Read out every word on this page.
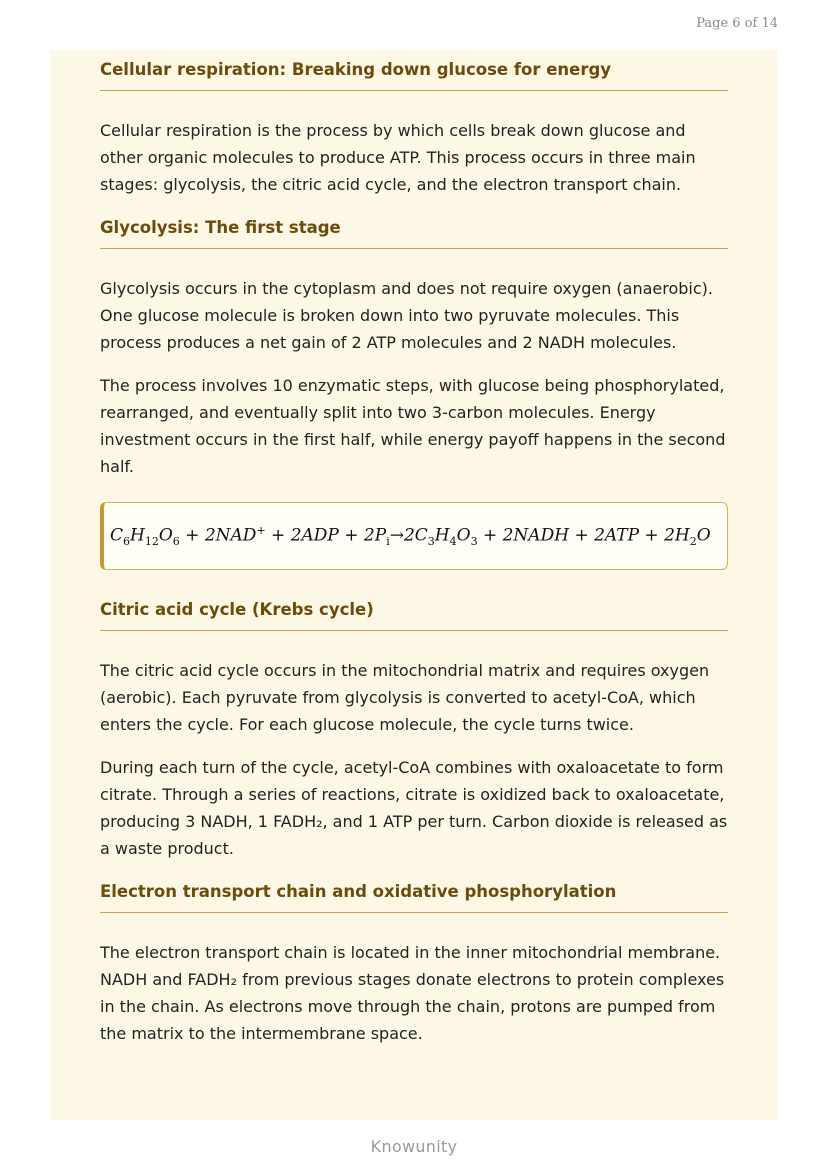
Page 6 of 14
Cellular respiration: Breaking down glucose for energy

Cellular respiration is the process by which cells break down glucose and other organic molecules to produce ATP. This process occurs in three main stages: glycolysis, the citric acid cycle, and the electron transport chain.

Glycolysis: The first stage

Glycolysis occurs in the cytoplasm and does not require oxygen (anaerobic). One glucose molecule is broken down into two pyruvate molecules. This process produces a net gain of 2 ATP molecules and 2 NADH molecules.

The process involves 10 enzymatic steps, with glucose being phosphorylated, rearranged, and eventually split into two 3-carbon molecules. Energy investment occurs in the first half, while energy payoff happens in the second half.

$C_6H_{12}O_6 + 2NAD^+ + 2ADP + 2P_i\to 2C_3H_4O_3$ + 2NADH + $2ATP + 2H_2O$
Citric acid cycle (Krebs cycle)

The citric acid cycle occurs in the mitochondrial matrix and requires oxygen (aerobic). Each pyruvate from glycolysis is converted to acetyl-CoA, which enters the cycle. For each glucose molecule, the cycle turns twice.

During each turn of the cycle, acetyl-CoA combines with oxaloacetate to form citrate. Through a series of reactions, citrate is oxidized back to oxaloacetate, producing 3 NADH, 1 FADH₂, and 1 ATP per turn. Carbon dioxide is released as a waste product.

Electron transport chain and oxidative phosphorylation

The electron transport chain is located in the inner mitochondrial membrane. NADH and FADH₂ from previous stages donate electrons to protein complexes in the chain. As electrons move through the chain, protons are pumped from the matrix to the intermembrane space.

Knowunity
